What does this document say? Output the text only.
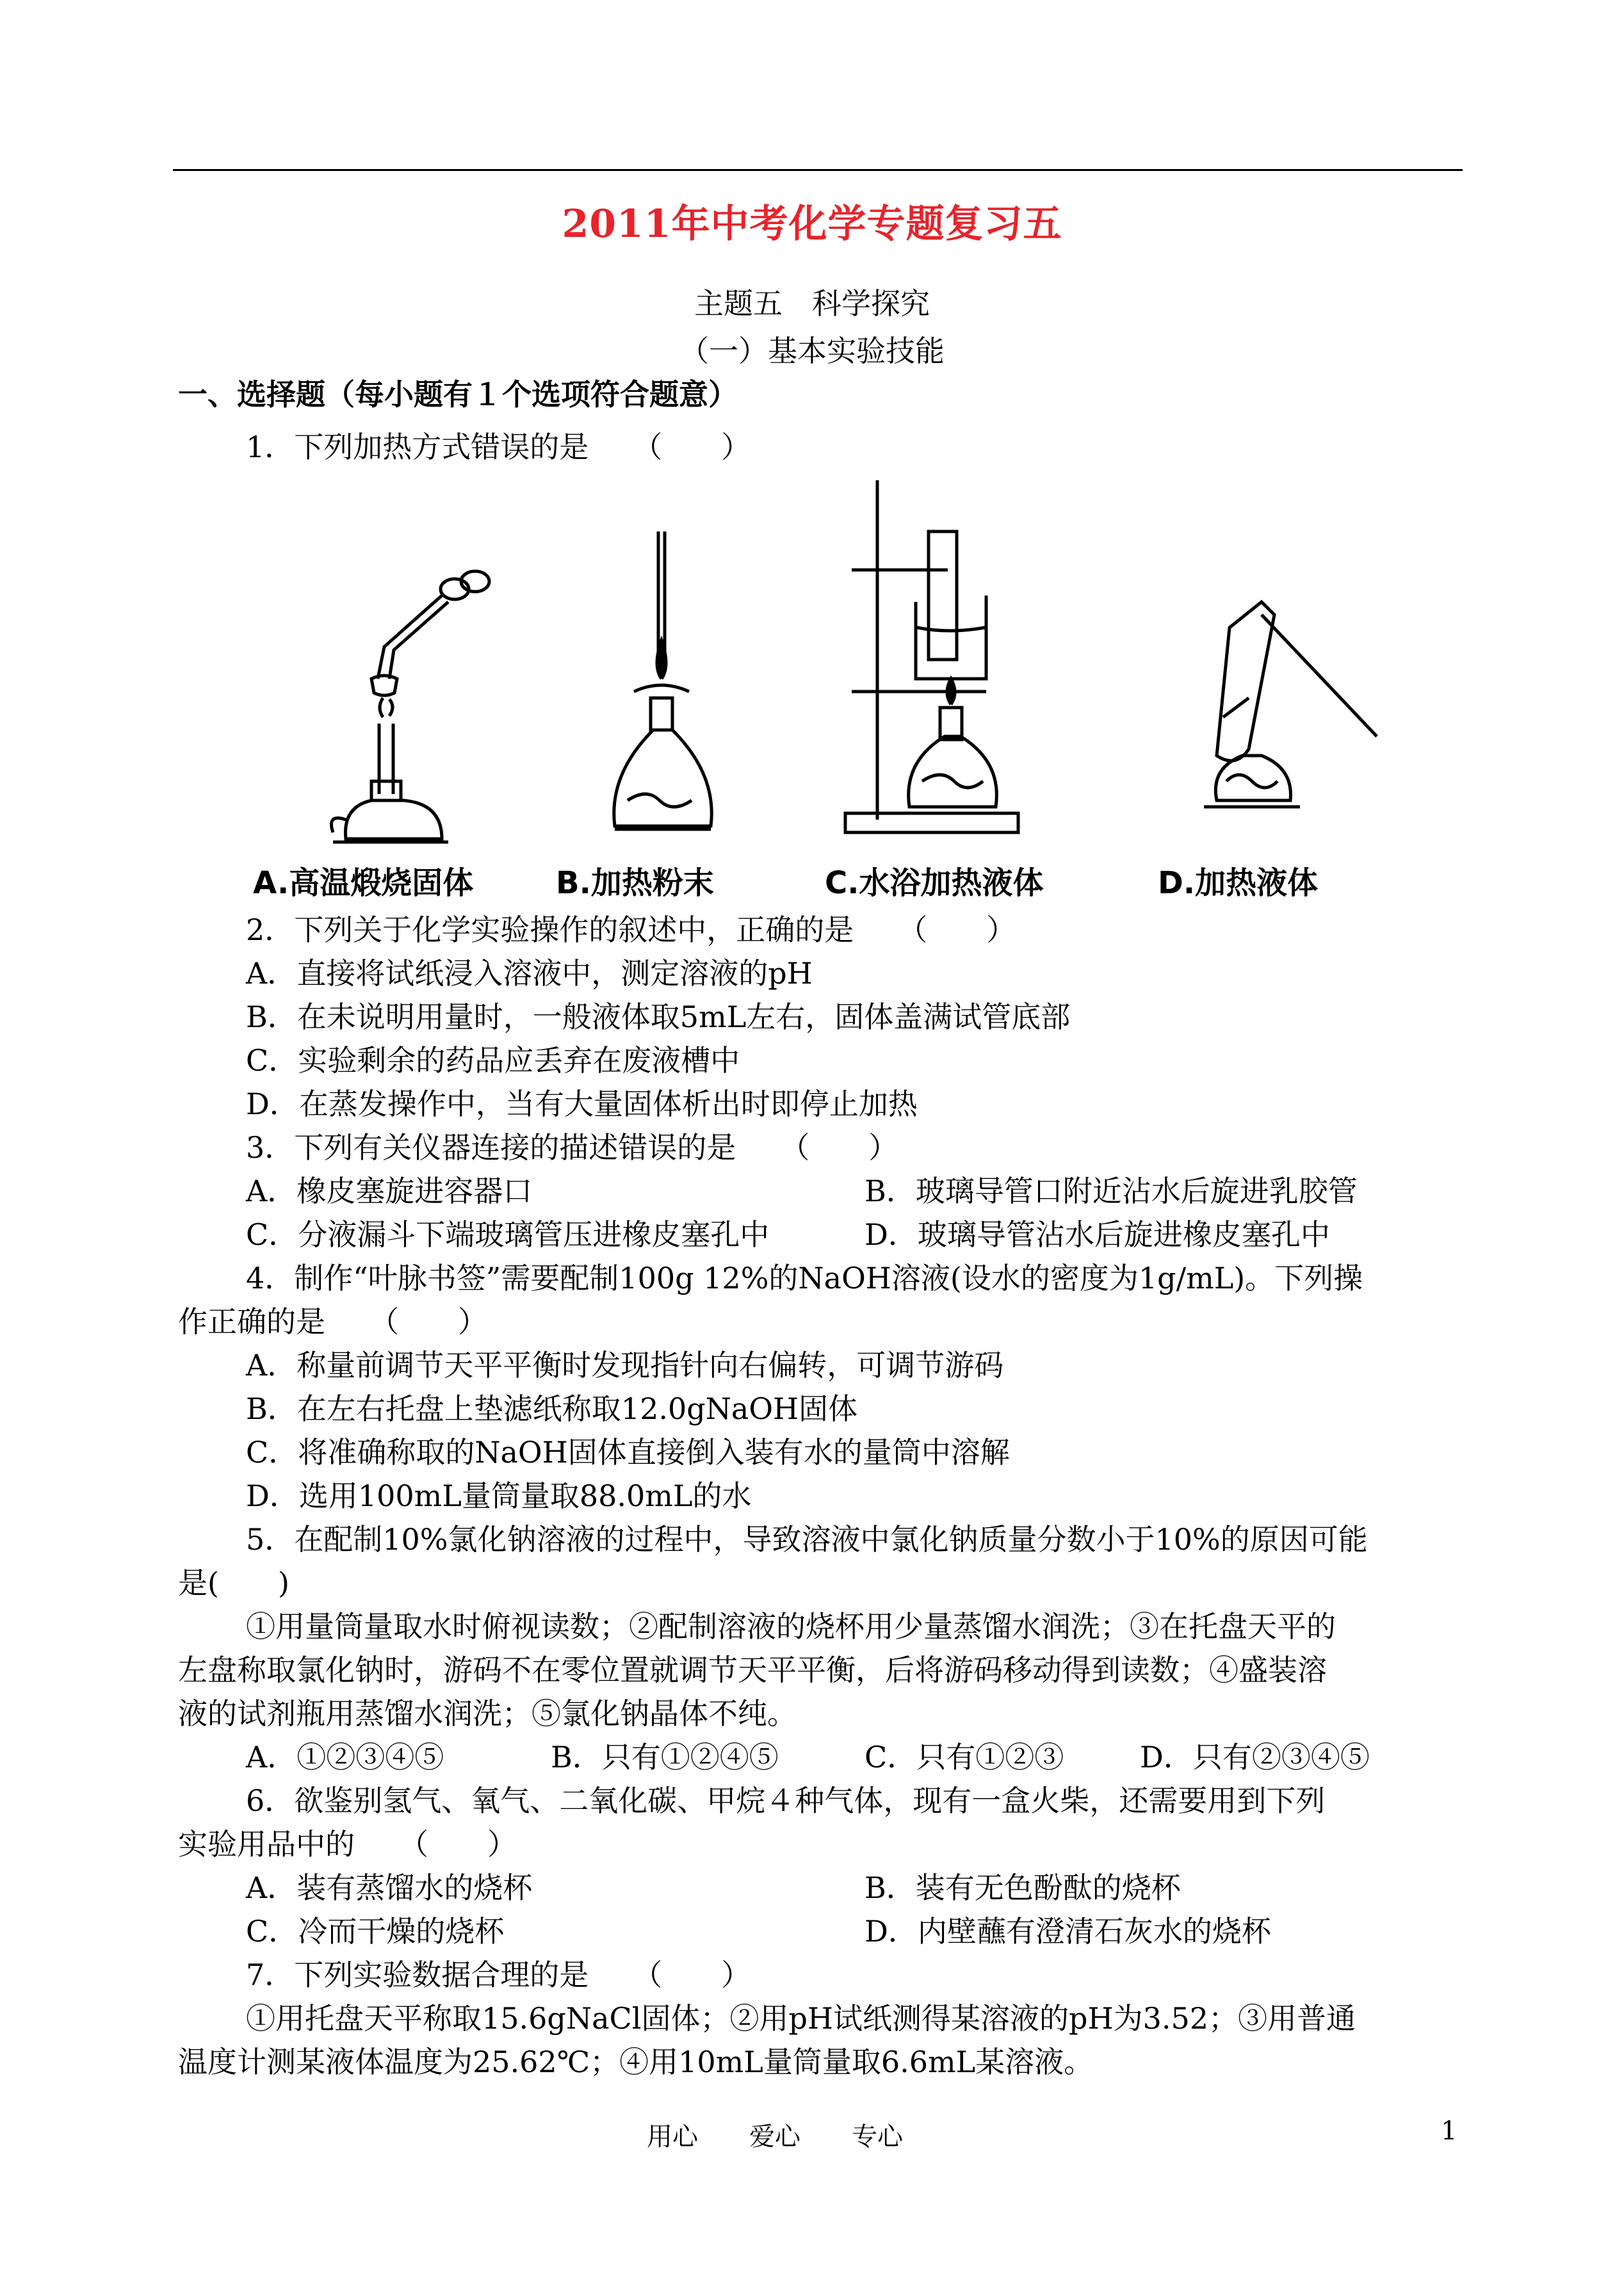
2011年中考化学专题复习五
主题五　科学探究
（一）基本实验技能
一、选择题（每小题有１个选项符合题意）
1．下列加热方式错误的是　　（　　）
A.高温煅烧固体	B.加热粉末	C.水浴加热液体	D.加热液体
2．下列关于化学实验操作的叙述中，正确的是　　（　　）
A．直接将试纸浸入溶液中，测定溶液的pH
B．在未说明用量时，一般液体取5mL左右，固体盖满试管底部
C．实验剩余的药品应丢弃在废液槽中
D．在蒸发操作中，当有大量固体析出时即停止加热
3．下列有关仪器连接的描述错误的是　　（　　）
A．橡皮塞旋进容器口	B．玻璃导管口附近沾水后旋进乳胶管
C．分液漏斗下端玻璃管压进橡皮塞孔中	D．玻璃导管沾水后旋进橡皮塞孔中
4．制作“叶脉书签”需要配制100g 12%的NaOH溶液(设水的密度为1g/mL)。下列操
作正确的是　　（　　）
A．称量前调节天平平衡时发现指针向右偏转，可调节游码
B．在左右托盘上垫滤纸称取12.0gNaOH固体
C．将准确称取的NaOH固体直接倒入装有水的量筒中溶解
D．选用100mL量筒量取88.0mL的水
5．在配制10%氯化钠溶液的过程中，导致溶液中氯化钠质量分数小于10%的原因可能
是(　　)
①用量筒量取水时俯视读数；②配制溶液的烧杯用少量蒸馏水润洗；③在托盘天平的
左盘称取氯化钠时，游码不在零位置就调节天平平衡，后将游码移动得到读数；④盛装溶
液的试剂瓶用蒸馏水润洗；⑤氯化钠晶体不纯。
A．①②③④⑤	B．只有①②④⑤	C．只有①②③	D．只有②③④⑤
6．欲鉴别氢气、氧气、二氧化碳、甲烷４种气体，现有一盒火柴，还需要用到下列
实验用品中的　　（　　）
A．装有蒸馏水的烧杯	B．装有无色酚酞的烧杯
C．冷而干燥的烧杯	D．内壁蘸有澄清石灰水的烧杯
7．下列实验数据合理的是　　（　　）
①用托盘天平称取15.6gNaCl固体；②用pH试纸测得某溶液的pH为3.52；③用普通
温度计测某液体温度为25.62℃；④用10mL量筒量取6.6mL某溶液。
用心　　爱心　　专心	1
